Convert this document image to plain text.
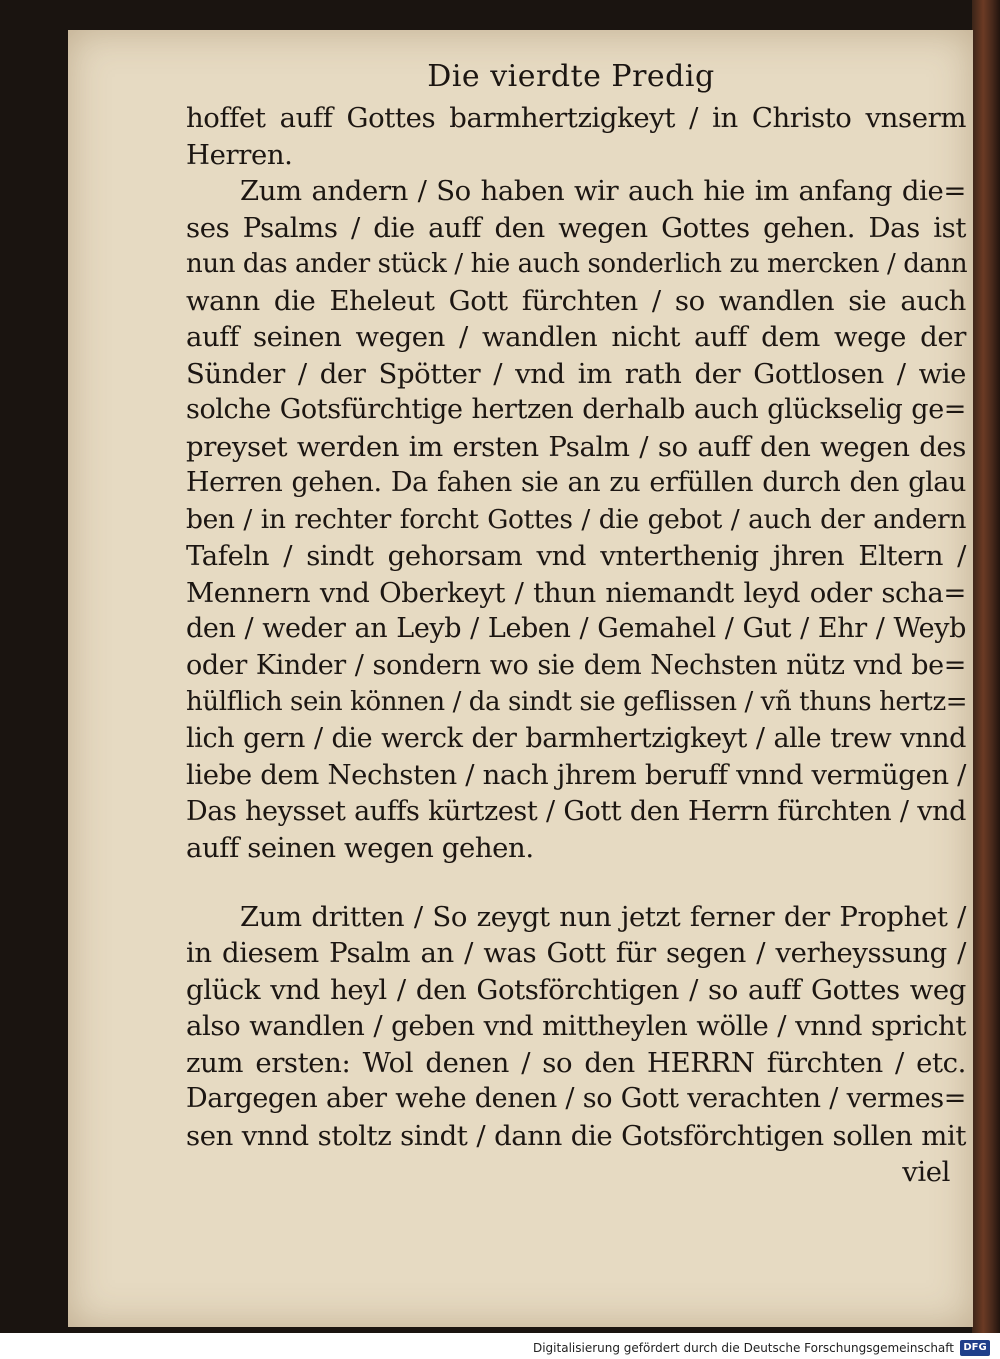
Die vierdte Predig
hoffet auff Gottes barmhertzigkeyt / in Christo vnserm
Herren.
Zum andern / So haben wir auch hie im anfang die=
ses Psalms / die auff den wegen Gottes gehen. Das ist
nun das ander stück / hie auch sonderlich zu mercken / dann
wann die Eheleut Gott fürchten / so wandlen sie auch
auff seinen wegen / wandlen nicht auff dem wege der
Sünder / der Spötter / vnd im rath der Gottlosen / wie
solche Gotsfürchtige hertzen derhalb auch glückselig ge=
preyset werden im ersten Psalm / so auff den wegen des
Herren gehen. Da fahen sie an zu erfüllen durch den glau
ben / in rechter forcht Gottes / die gebot / auch der andern
Tafeln / sindt gehorsam vnd vnterthenig jhren Eltern /
Mennern vnd Oberkeyt / thun niemandt leyd oder scha=
den / weder an Leyb / Leben / Gemahel / Gut / Ehr / Weyb
oder Kinder / sondern wo sie dem Nechsten nütz vnd be=
hülflich sein können / da sindt sie geflissen / vñ thuns hertz=
lich gern / die werck der barmhertzigkeyt / alle trew vnnd
liebe dem Nechsten / nach jhrem beruff vnnd vermügen /
Das heysset auffs kürtzest / Gott den Herrn fürchten / vnd
auff seinen wegen gehen.
Zum dritten / So zeygt nun jetzt ferner der Prophet /
in diesem Psalm an / was Gott für segen / verheyssung /
glück vnd heyl / den Gotsförchtigen / so auff Gottes weg
also wandlen / geben vnd mittheylen wölle / vnnd spricht
zum ersten: Wol denen / so den HERRN fürchten / etc.
Dargegen aber wehe denen / so Gott verachten / vermes=
sen vnnd stoltz sindt / dann die Gotsförchtigen sollen mit
viel
Digitalisierung gefördert durch die Deutsche Forschungsgemeinschaft DFG
